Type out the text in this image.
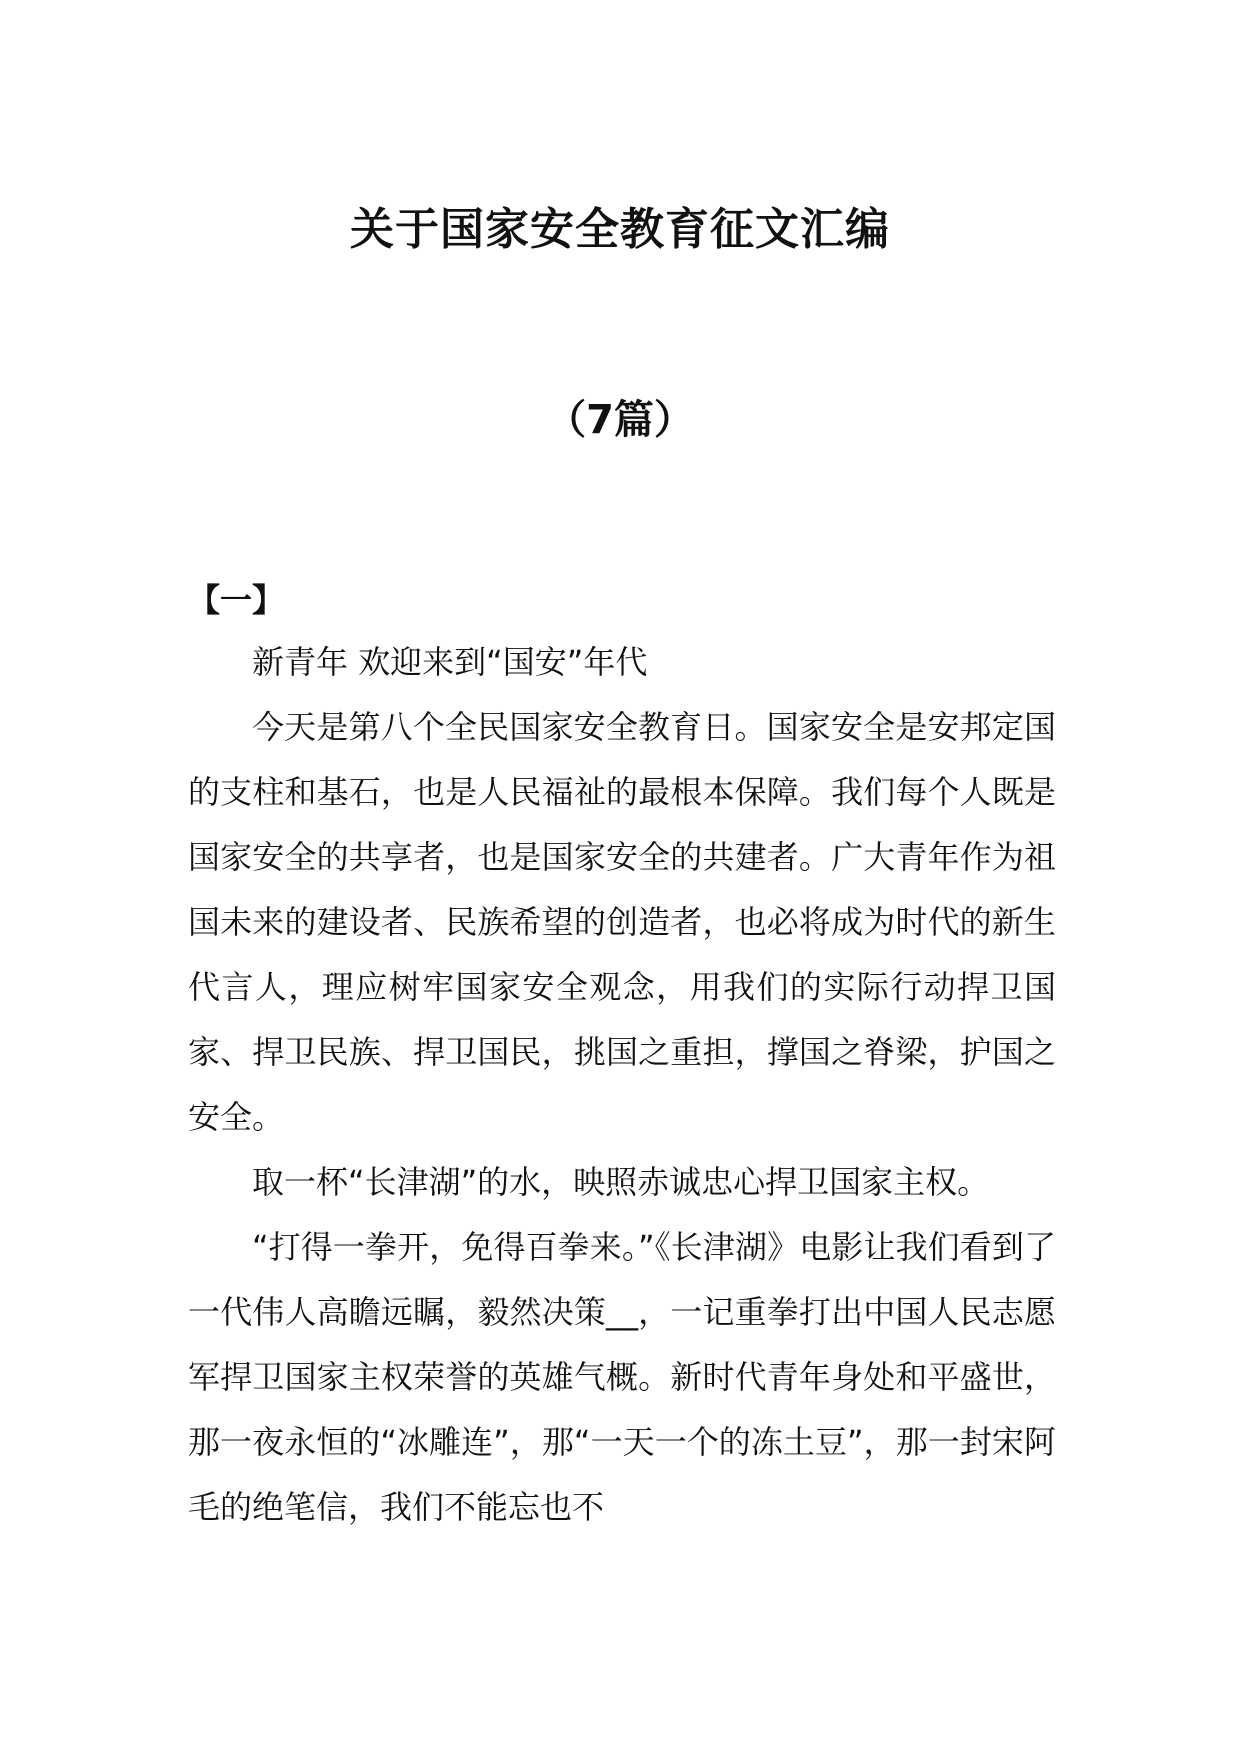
关于国家安全教育征文汇编
（7篇）
【一】

新青年 欢迎来到“国安”年代

今天是第八个全民国家安全教育日。国家安全是安邦定国的支柱和基石，也是人民福祉的最根本保障。我们每个人既是国家安全的共享者，也是国家安全的共建者。广大青年作为祖国未来的建设者、民族希望的创造者，也必将成为时代的新生代言人，理应树牢国家安全观念，用我们的实际行动捍卫国家、捍卫民族、捍卫国民，挑国之重担，撑国之脊梁，护国之安全。

取一杯“长津湖”的水，映照赤诚忠心捍卫国家主权。

“打得一拳开，免得百拳来。”《长津湖》电影让我们看到了一代伟人高瞻远瞩，毅然决策__，一记重拳打出中国人民志愿军捍卫国家主权荣誉的英雄气概。新时代青年身处和平盛世，那一夜永恒的“冰雕连”，那“一天一个的冻土豆”，那一封宋阿毛的绝笔信，我们不能忘也不
